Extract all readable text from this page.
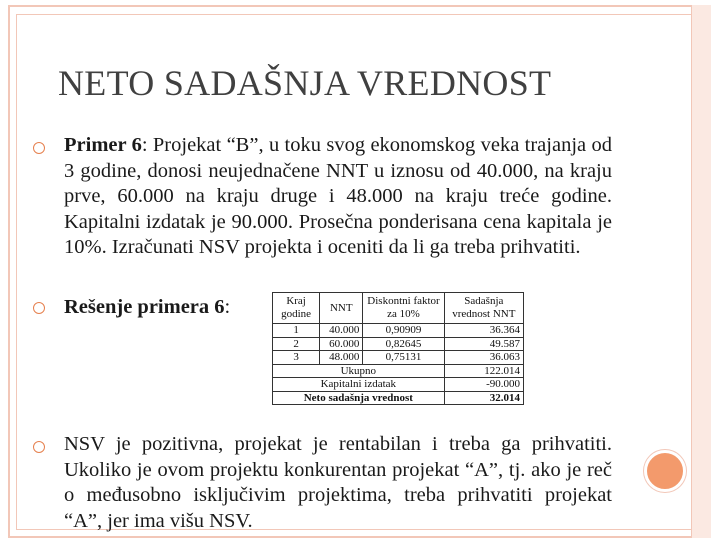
NETO SADAŠNJA VREDNOST
Primer 6: Projekat “B”, u toku svog ekonomskog veka trajanja od 3 godine, donosi neujednačene NNT u iznosu od 40.000, na kraju prve, 60.000 na kraju druge i 48.000 na kraju treće godine. Kapitalni izdatak je 90.000. Prosečna ponderisana cena kapitala je 10%. Izračunati NSV projekta i oceniti da li ga treba prihvatiti.
Rešenje primera 6:	Kraj godine	NNT	Diskontni faktor za 10%	Sadašnja vrednost NNT
1	40.000	0,90909	36.364
2	60.000	0,82645	49.587
3	48.000	0,75131	36.063
Ukupno			122.014
Kapitalni izdatak			-90.000
Neto sadašnja vrednost			32.014
NSV je pozitivna, projekat je rentabilan i treba ga prihvatiti. Ukoliko je ovom projektu konkurentan projekat “A”, tj. ako je reč o međusobno isključivim projektima, treba prihvatiti projekat “A”, jer ima višu NSV.
